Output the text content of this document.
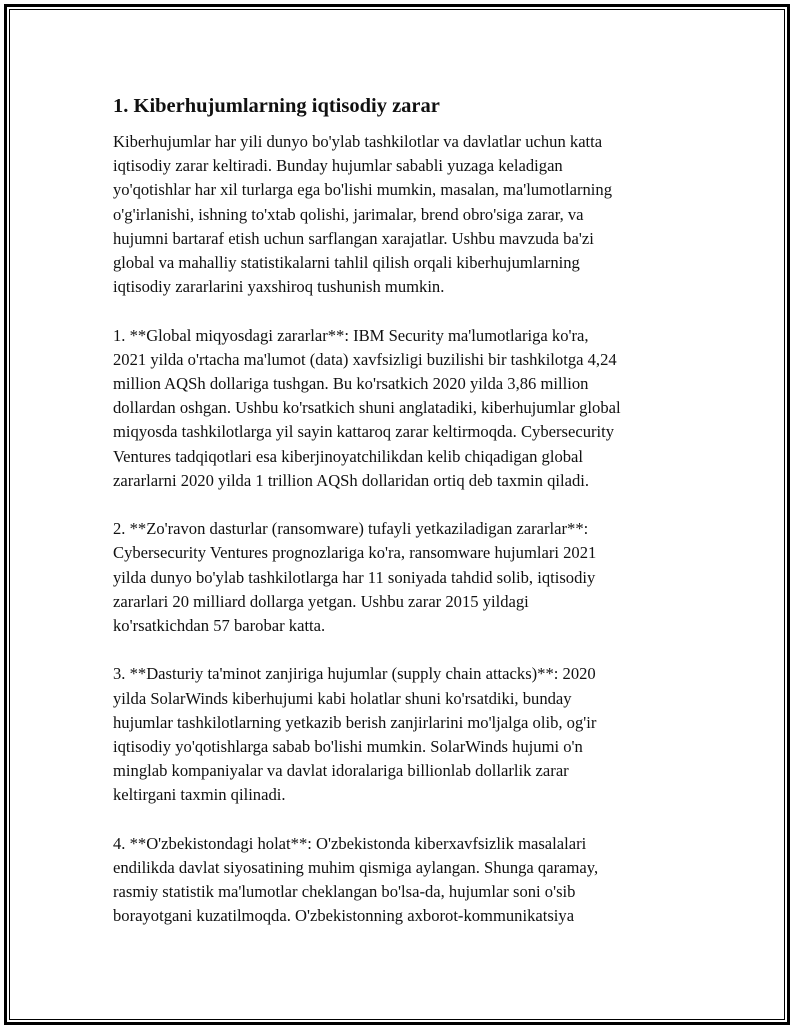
1. Kiberhujumlarning iqtisodiy zarar

Kiberhujumlar har yili dunyo bo'ylab tashkilotlar va davlatlar uchun katta
iqtisodiy zarar keltiradi. Bunday hujumlar sababli yuzaga keladigan
yo'qotishlar har xil turlarga ega bo'lishi mumkin, masalan, ma'lumotlarning
o'g'irlanishi, ishning to'xtab qolishi, jarimalar, brend obro'siga zarar, va
hujumni bartaraf etish uchun sarflangan xarajatlar. Ushbu mavzuda ba'zi
global va mahalliy statistikalarni tahlil qilish orqali kiberhujumlarning
iqtisodiy zararlarini yaxshiroq tushunish mumkin.

1. **Global miqyosdagi zararlar**: IBM Security ma'lumotlariga ko'ra,
2021 yilda o'rtacha ma'lumot (data) xavfsizligi buzilishi bir tashkilotga 4,24
million AQSh dollariga tushgan. Bu ko'rsatkich 2020 yilda 3,86 million
dollardan oshgan. Ushbu ko'rsatkich shuni anglatadiki, kiberhujumlar global
miqyosda tashkilotlarga yil sayin kattaroq zarar keltirmoqda. Cybersecurity
Ventures tadqiqotlari esa kiberjinoyatchilikdan kelib chiqadigan global
zararlarni 2020 yilda 1 trillion AQSh dollaridan ortiq deb taxmin qiladi.

2. **Zo'ravon dasturlar (ransomware) tufayli yetkaziladigan zararlar**:
Cybersecurity Ventures prognozlariga ko'ra, ransomware hujumlari 2021
yilda dunyo bo'ylab tashkilotlarga har 11 soniyada tahdid solib, iqtisodiy
zararlari 20 milliard dollarga yetgan. Ushbu zarar 2015 yildagi
ko'rsatkichdan 57 barobar katta.

3. **Dasturiy ta'minot zanjiriga hujumlar (supply chain attacks)**: 2020
yilda SolarWinds kiberhujumi kabi holatlar shuni ko'rsatdiki, bunday
hujumlar tashkilotlarning yetkazib berish zanjirlarini mo'ljalga olib, og'ir
iqtisodiy yo'qotishlarga sabab bo'lishi mumkin. SolarWinds hujumi o'n
minglab kompaniyalar va davlat idoralariga billionlab dollarlik zarar
keltirgani taxmin qilinadi.

4. **O'zbekistondagi holat**: O'zbekistonda kiberxavfsizlik masalalari
endilikda davlat siyosatining muhim qismiga aylangan. Shunga qaramay,
rasmiy statistik ma'lumotlar cheklangan bo'lsa-da, hujumlar soni o'sib
borayotgani kuzatilmoqda. O'zbekistonning axborot-kommunikatsiya
